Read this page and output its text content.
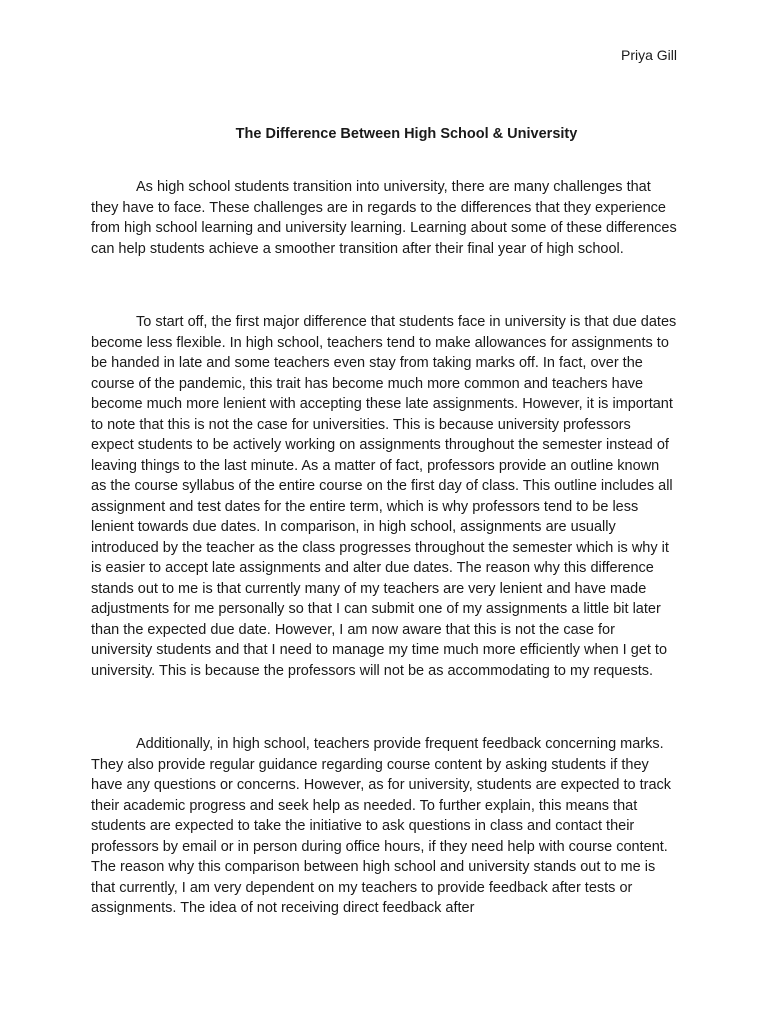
Priya Gill
The Difference Between High School & University

As high school students transition into university, there are many challenges that they have to face. These challenges are in regards to the differences that they experience from high school learning and university learning. Learning about some of these differences can help students achieve a smoother transition after their final year of high school.

To start off, the first major difference that students face in university is that due dates become less flexible. In high school, teachers tend to make allowances for assignments to be handed in late and some teachers even stay from taking marks off. In fact, over the course of the pandemic, this trait has become much more common and teachers have become much more lenient with accepting these late assignments. However, it is important to note that this is not the case for universities. This is because university professors expect students to be actively working on assignments throughout the semester instead of leaving things to the last minute. As a matter of fact, professors provide an outline known as the course syllabus of the entire course on the first day of class. This outline includes all assignment and test dates for the entire term, which is why professors tend to be less lenient towards due dates. In comparison, in high school, assignments are usually introduced by the teacher as the class progresses throughout the semester which is why it is easier to accept late assignments and alter due dates. The reason why this difference stands out to me is that currently many of my teachers are very lenient and have made adjustments for me personally so that I can submit one of my assignments a little bit later than the expected due date. However, I am now aware that this is not the case for university students and that I need to manage my time much more efficiently when I get to university. This is because the professors will not be as accommodating to my requests.

Additionally, in high school, teachers provide frequent feedback concerning marks. They also provide regular guidance regarding course content by asking students if they have any questions or concerns. However, as for university, students are expected to track their academic progress and seek help as needed. To further explain, this means that students are expected to take the initiative to ask questions in class and contact their professors by email or in person during office hours, if they need help with course content. The reason why this comparison between high school and university stands out to me is that currently, I am very dependent on my teachers to provide feedback after tests or assignments. The idea of not receiving direct feedback after
